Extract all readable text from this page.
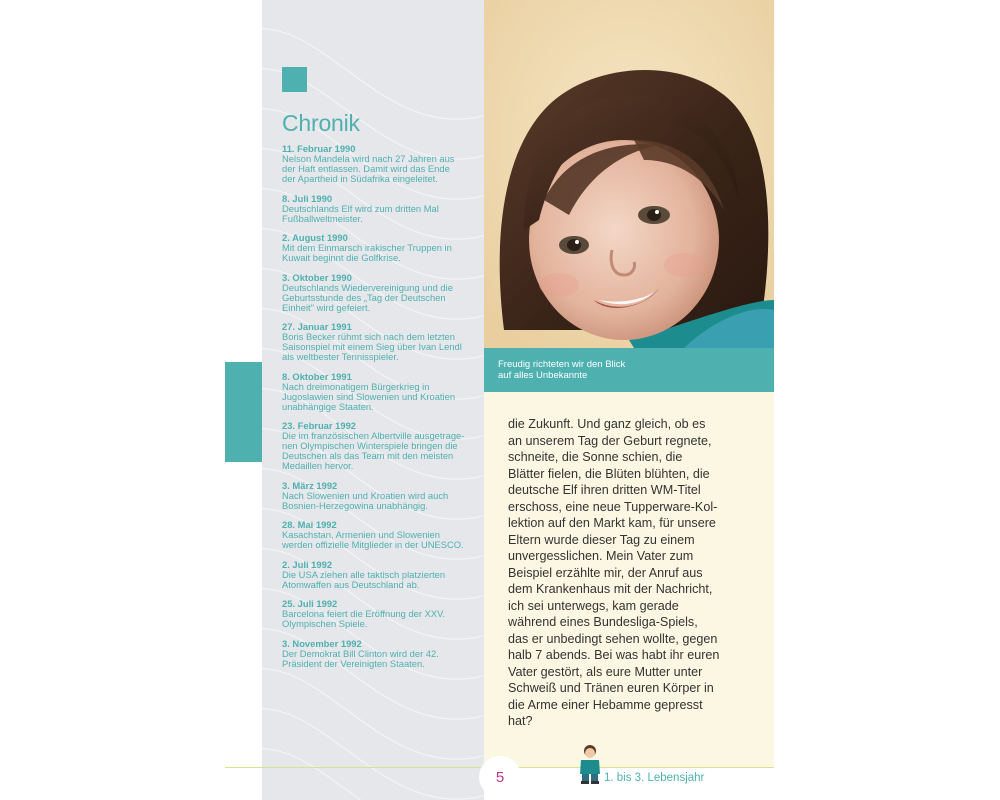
Chronik
11. Februar 1990
Nelson Mandela wird nach 27 Jahren aus
der Haft entlassen. Damit wird das Ende
der Apartheid in Südafrika eingeleitet.
8. Juli 1990
Deutschlands Elf wird zum dritten Mal
Fußballweltmeister.
2. August 1990
Mit dem Einmarsch irakischer Truppen in
Kuwait beginnt die Golfkrise.
3. Oktober 1990
Deutschlands Wiedervereinigung und die
Geburtsstunde des „Tag der Deutschen
Einheit" wird gefeiert.
27. Januar 1991
Boris Becker rühmt sich nach dem letzten
Saisonspiel mit einem Sieg über Ivan Lendl
als weltbester Tennisspieler.
8. Oktober 1991
Nach dreimonatigem Bürgerkrieg in
Jugoslawien sind Slowenien und Kroatien
unabhängige Staaten.
23. Februar 1992
Die im französischen Albertville ausgetrage-
nen Olympischen Winterspiele bringen die
Deutschen als das Team mit den meisten
Medaillen hervor.
3. März 1992
Nach Slowenien und Kroatien wird auch
Bosnien-Herzegowina unabhängig.
28. Mai 1992
Kasachstan, Armenien und Slowenien
werden offizielle Mitglieder in der UNESCO.
2. Juli 1992
Die USA ziehen alle taktisch platzierten
Atomwaffen aus Deutschland ab.
25. Juli 1992
Barcelona feiert die Eröffnung der XXV.
Olympischen Spiele.
3. November 1992
Der Demokrat Bill Clinton wird der 42.
Präsident der Vereinigten Staaten.
Freudig richteten wir den Blick
auf alles Unbekannte
die Zukunft. Und ganz gleich, ob es
an unserem Tag der Geburt regnete,
schneite, die Sonne schien, die
Blätter fielen, die Blüten blühten, die
deutsche Elf ihren dritten WM-Titel
erschoss, eine neue Tupperware-Kol-
lektion auf den Markt kam, für unsere
Eltern wurde dieser Tag zu einem
unvergesslichen. Mein Vater zum
Beispiel erzählte mir, der Anruf aus
dem Krankenhaus mit der Nachricht,
ich sei unterwegs, kam gerade
während eines Bundesliga-Spiels,
das er unbedingt sehen wollte, gegen
halb 7 abends. Bei was habt ihr euren
Vater gestört, als eure Mutter unter
Schweiß und Tränen euren Körper in
die Arme einer Hebamme gepresst
hat?
5	1. bis 3. Lebensjahr
